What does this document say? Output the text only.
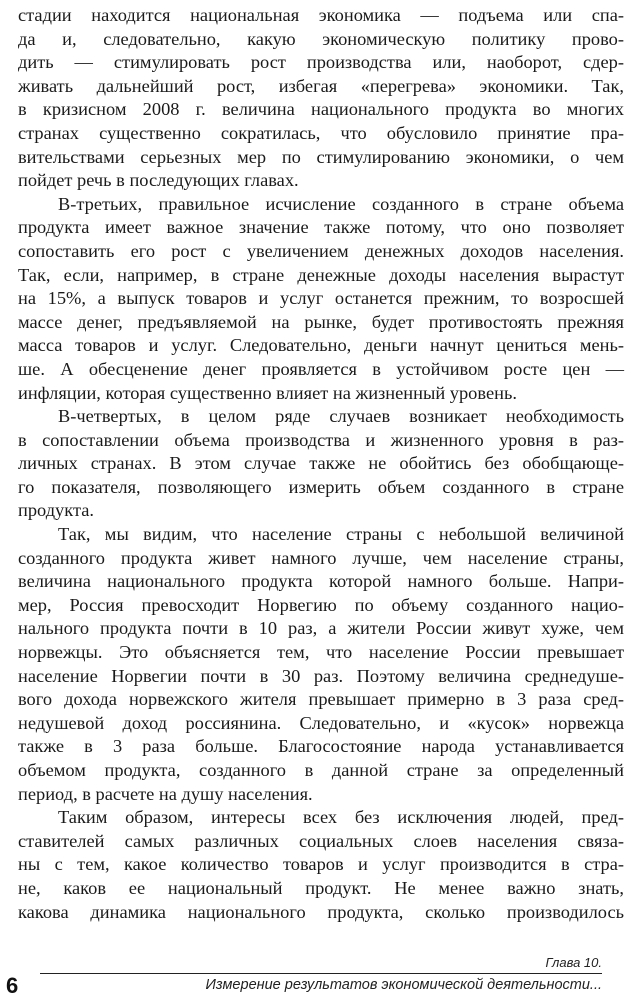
стадии находится национальная экономика — подъема или спа-
да и, следовательно, какую экономическую политику прово-
дить — стимулировать рост производства или, наоборот, сдер-
живать дальнейший рост, избегая «перегрева» экономики. Так,
в кризисном 2008 г. величина национального продукта во многих
странах существенно сократилась, что обусловило принятие пра-
вительствами серьезных мер по стимулированию экономики, о чем
пойдет речь в последующих главах.
В-третьих, правильное исчисление созданного в стране объема
продукта имеет важное значение также потому, что оно позволяет
сопоставить его рост с увеличением денежных доходов населения.
Так, если, например, в стране денежные доходы населения вырастут
на 15%, а выпуск товаров и услуг останется прежним, то возросшей
массе денег, предъявляемой на рынке, будет противостоять прежняя
масса товаров и услуг. Следовательно, деньги начнут цениться мень-
ше. А обесценение денег проявляется в устойчивом росте цен —
инфляции, которая существенно влияет на жизненный уровень.
В-четвертых, в целом ряде случаев возникает необходимость
в сопоставлении объема производства и жизненного уровня в раз-
личных странах. В этом случае также не обойтись без обобщающе-
го показателя, позволяющего измерить объем созданного в стране
продукта.
Так, мы видим, что население страны с небольшой величиной
созданного продукта живет намного лучше, чем население страны,
величина национального продукта которой намного больше. Напри-
мер, Россия превосходит Норвегию по объему созданного нацио-
нального продукта почти в 10 раз, а жители России живут хуже, чем
норвежцы. Это объясняется тем, что население России превышает
население Норвегии почти в 30 раз. Поэтому величина среднедуше-
вого дохода норвежского жителя превышает примерно в 3 раза сред-
недушевой доход россиянина. Следовательно, и «кусок» норвежца
также в 3 раза больше. Благосостояние народа устанавливается
объемом продукта, созданного в данной стране за определенный
период, в расчете на душу населения.
Таким образом, интересы всех без исключения людей, пред-
ставителей самых различных социальных слоев населения связа-
ны с тем, какое количество товаров и услуг производится в стра-
не, каков ее национальный продукт. Не менее важно знать,
какова динамика национального продукта, сколько производилось
Глава 10.
6	Измерение результатов экономической деятельности...
